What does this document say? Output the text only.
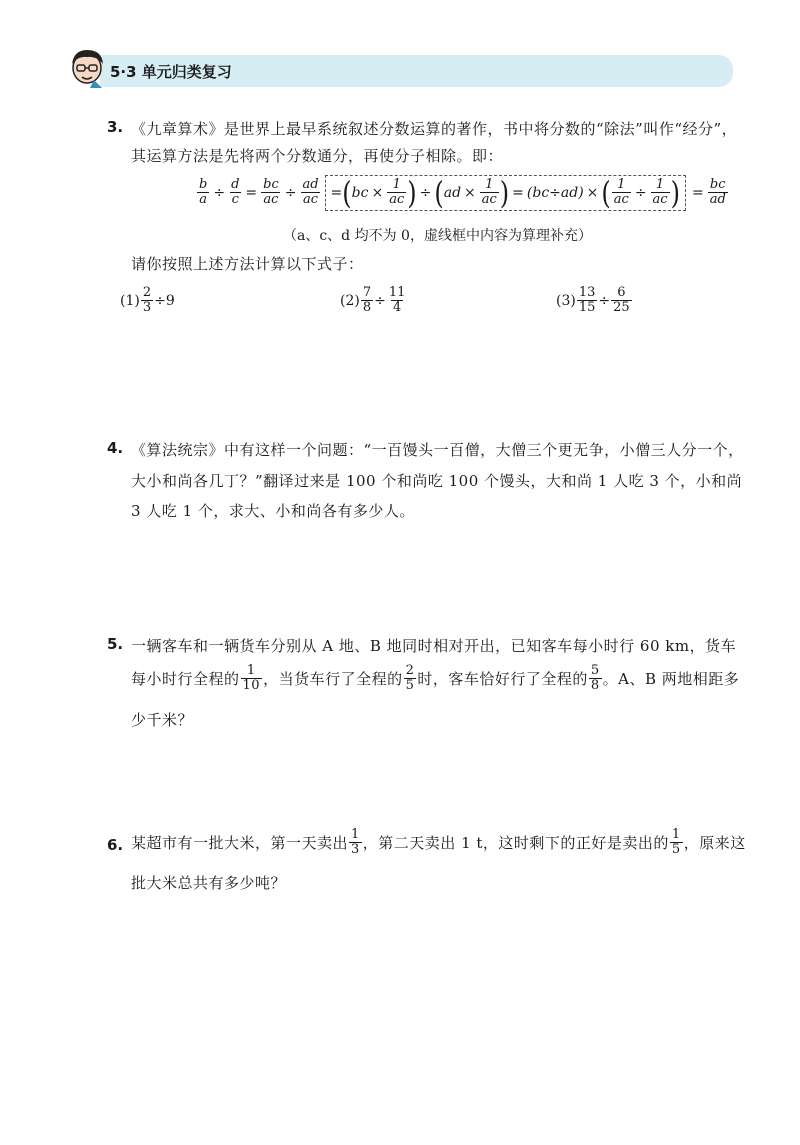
5·3 单元归类复习
3. 《九章算术》是世界上最早系统叙述分数运算的著作，书中将分数的“除法”叫作“经分”，
其运算方法是先将两个分数通分，再使分子相除。即：
$\frac{b}{a} \div \frac{d}{c} = \frac{bc}{ac} \div \frac{ad}{ac}$ = ( bc × $\frac{1}{ac}$ ) ÷ ( ad × $\frac{1}{ac}$ ) = (bc÷ad) × ( $\frac{1}{ac} \div \frac{1}{ac}$ ) = $\frac{bc}{ad}$
（a、c、d 均不为 0，虚线框中内容为算理补充）
请你按照上述方法计算以下式子：
$(1) \frac{2}{3} \div 9$	$(2) \frac{7}{8} \div \frac{11}{4}$	$(3) \frac{13}{15} \div \frac{6}{25}$
4. 《算法统宗》中有这样一个问题：“一百馒头一百僧，大僧三个更无争，小僧三人分一个，
大小和尚各几丁？”翻译过来是 100 个和尚吃 100 个馒头，大和尚 1 人吃 3 个，小和尚
3 人吃 1 个，求大、小和尚各有多少人。
5. 一辆客车和一辆货车分别从 A 地、B 地同时相对开出，已知客车每小时行 60 km，货车
每小时行全程的 $\frac{1}{10}$ ，当货车行了全程的 $\frac{2}{5}$ 时，客车恰好行了全程的 $\frac{5}{8}$ 。A、B 两地相距多
少千米？
6. 某超市有一批大米，第一天卖出 $\frac{1}{3}$ ，第二天卖出 1 t，这时剩下的正好是卖出的 $\frac{1}{5}$ ，原来这
批大米总共有多少吨？
